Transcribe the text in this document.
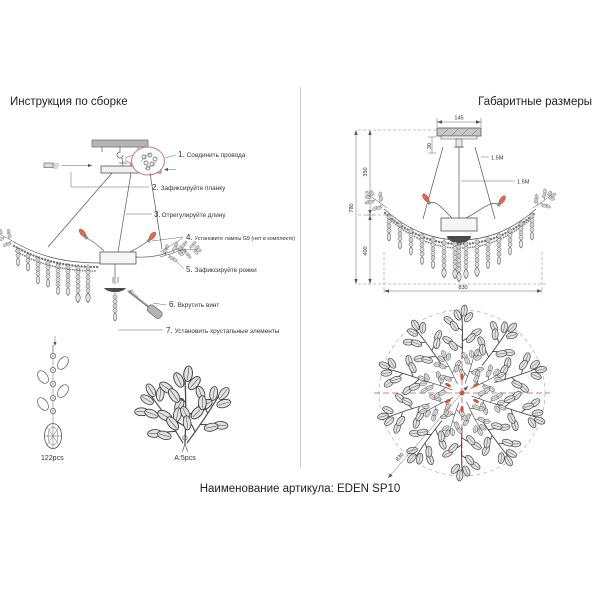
Инструкция по сборке	Габаритные размеры
Наименование артикула: EDEN SP10
1. Соединить провода
2. Зафиксируйте планку
3.Отрегулируйте длину
4. Установите лампы G9 (нет в комплекте)
5. Зафиксируйте рожки
6. Вкрутить винт
7. Установить хрустальные элементы
122pcs	A:5pcs
145
30
780
350
400
1.5M
1.5M
830
830
